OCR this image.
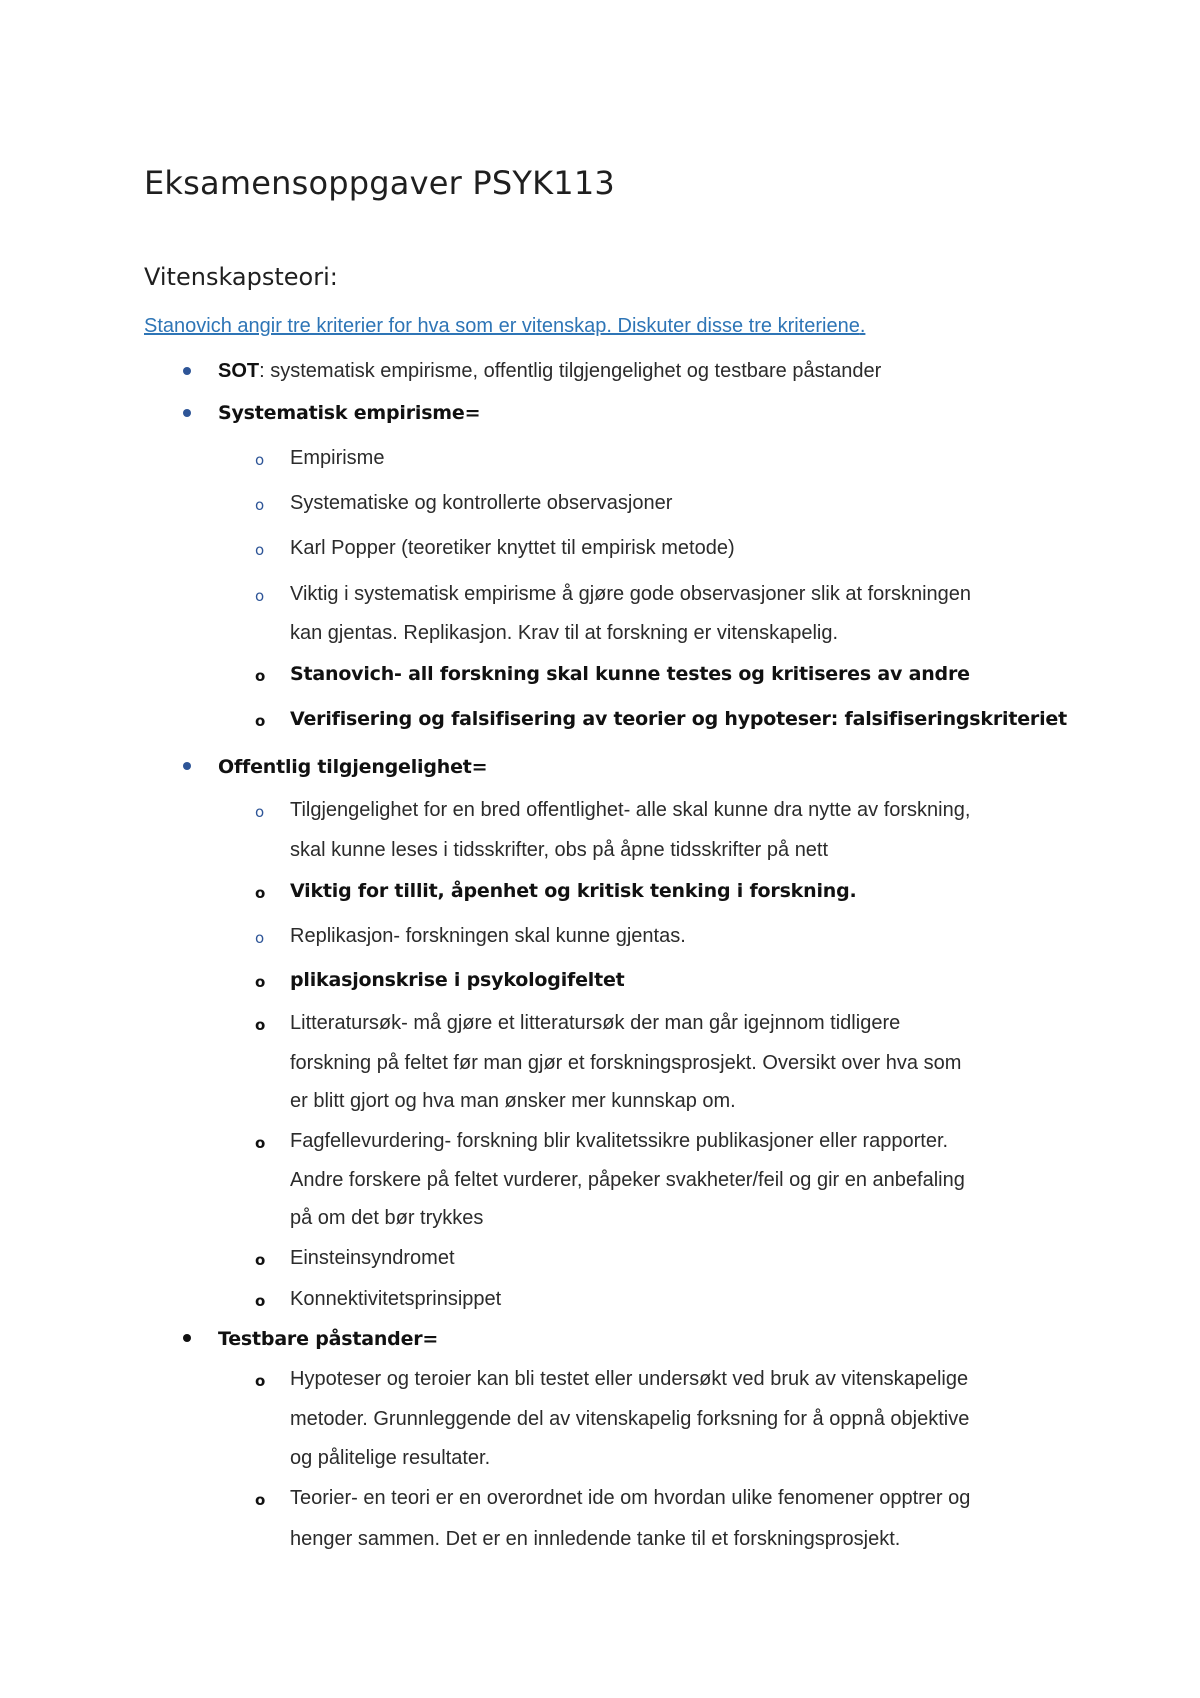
Eksamensoppgaver PSYK113
Vitenskapsteori:
Stanovich angir tre kriterier for hva som er vitenskap. Diskuter disse tre kriteriene.
SOT: systematisk empirisme, offentlig tilgjengelighet og testbare påstander
Systematisk empirisme=
o Empirisme
o Systematiske og kontrollerte observasjoner
o Karl Popper (teoretiker knyttet til empirisk metode)
o Viktig i systematisk empirisme å gjøre gode observasjoner slik at forskningen
kan gjentas. Replikasjon. Krav til at forskning er vitenskapelig.
o Stanovich- all forskning skal kunne testes og kritiseres av andre
o Verifisering og falsifisering av teorier og hypoteser: falsifiseringskriteriet
Offentlig tilgjengelighet=
o Tilgjengelighet for en bred offentlighet- alle skal kunne dra nytte av forskning,
skal kunne leses i tidsskrifter, obs på åpne tidsskrifter på nett
o Viktig for tillit, åpenhet og kritisk tenking i forskning.
o Replikasjon- forskningen skal kunne gjentas.
o plikasjonskrise i psykologifeltet
o Litteratursøk- må gjøre et litteratursøk der man går igejnnom tidligere
forskning på feltet før man gjør et forskningsprosjekt. Oversikt over hva som
er blitt gjort og hva man ønsker mer kunnskap om.
o Fagfellevurdering- forskning blir kvalitetssikre publikasjoner eller rapporter.
Andre forskere på feltet vurderer, påpeker svakheter/feil og gir en anbefaling
på om det bør trykkes
o Einsteinsyndromet
o Konnektivitetsprinsippet
Testbare påstander=
o Hypoteser og teroier kan bli testet eller undersøkt ved bruk av vitenskapelige
metoder. Grunnleggende del av vitenskapelig forksning for å oppnå objektive
og pålitelige resultater.
o Teorier- en teori er en overordnet ide om hvordan ulike fenomener opptrer og
henger sammen. Det er en innledende tanke til et forskningsprosjekt.
